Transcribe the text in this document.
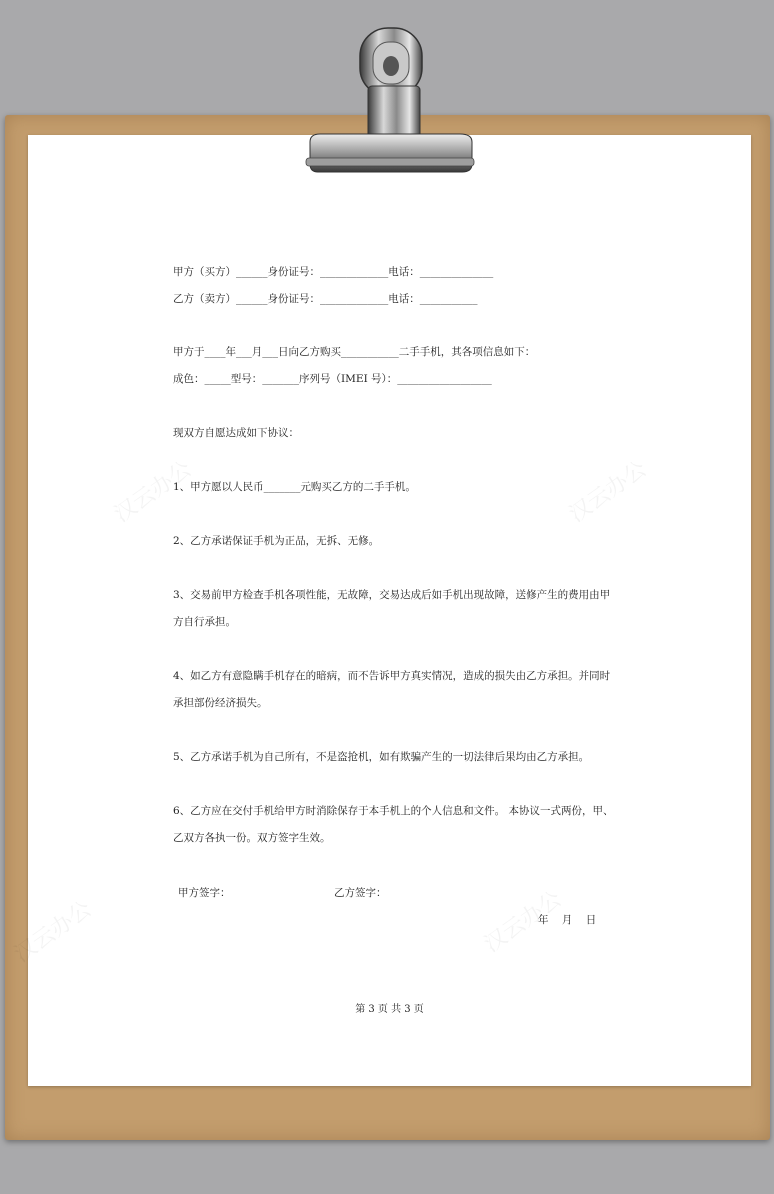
甲方（买方）______身份证号：_____________电话：______________
乙方（卖方）______身份证号：_____________电话：___________
甲方于____年___月___日向乙方购买___________二手手机，其各项信息如下：
成色：_____型号：_______序列号（IMEI 号）：__________________
现双方自愿达成如下协议：
1、甲方愿以人民币_______元购买乙方的二手手机。
2、乙方承诺保证手机为正品，无拆、无修。
3、交易前甲方检查手机各项性能，无故障，交易达成后如手机出现故障，送修产生的费用由甲
方自行承担。
4、如乙方有意隐瞒手机存在的暗病，而不告诉甲方真实情况，造成的损失由乙方承担。并同时
承担部份经济损失。
5、乙方承诺手机为自己所有，不是盗抢机，如有欺骗产生的一切法律后果均由乙方承担。
6、乙方应在交付手机给甲方时消除保存于本手机上的个人信息和文件。 本协议一式两份，甲、
乙双方各执一份。双方签字生效。
甲方签字：	乙方签字：
年    月    日
第 3 页 共 3 页
